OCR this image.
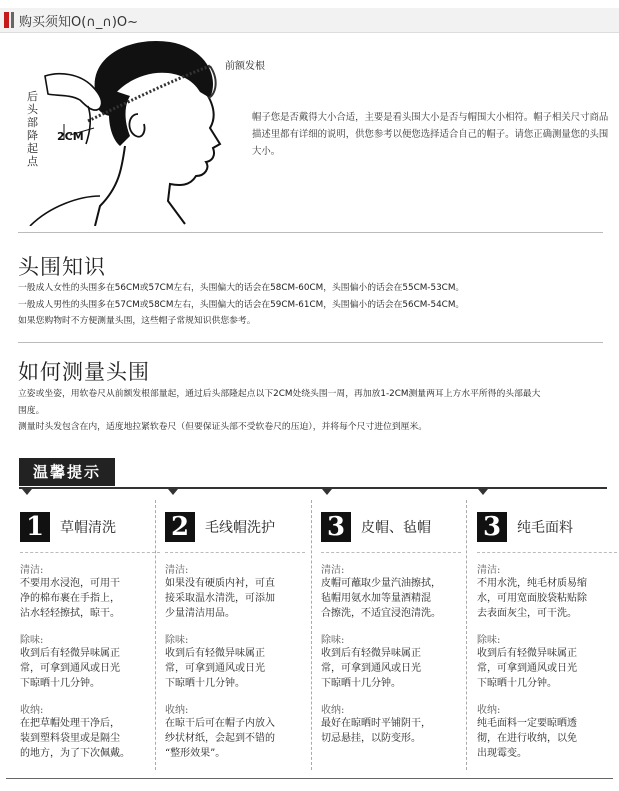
购买须知O(∩_∩)O~
后头部降起点
2CM
前额发根
帽子您是否戴得大小合适，主要是看头围大小是否与帽围大小相符。帽子相关尺寸商品描述里都有详细的说明，供您参考以便您选择适合自己的帽子。请您正确测量您的头围大小。
头围知识
一般成人女性的头围多在56CM或57CM左右，头围偏大的话会在58CM-60CM，头围偏小的话会在55CM-53CM。
一般成人男性的头围多在57CM或58CM左右，头围偏大的话会在59CM-61CM，头围偏小的话会在56CM-54CM。
如果您购物时不方便测量头围，这些帽子常规知识供您参考。
如何测量头围
立姿或坐姿，用软卷尺从前额发根部量起，通过后头部隆起点以下2CM处绕头围一周，再加放1-2CM测量两耳上方水平所得的头部最大
围度。
测量时头发包含在内，适度地拉紧软卷尺（但要保证头部不受软卷尺的压迫），并将每个尺寸进位到厘米。
温馨提示
1	草帽清洗
清洁:
不要用水浸泡，可用干
净的棉布裹在手指上，
沾水轻轻擦拭，晾干。
除味:
收到后有轻微异味属正
常，可拿到通风或日光
下晾晒十几分钟。
收纳:
在把草帽处理干净后，
装到塑料袋里或是隔尘
的地方，为了下次佩戴。
2	毛线帽洗护
清洁:
如果没有硬质内衬，可直
接采取温水清洗，可添加
少量清洁用品。
除味:
收到后有轻微异味属正
常，可拿到通风或日光
下晾晒十几分钟。
收纳:
在晾干后可在帽子内放入
纱状材纸，会起到不错的
“整形效果”。
3	皮帽、毡帽
清洁:
皮帽可蘸取少量汽油擦拭，
毡帽用氨水加等量酒精混
合擦洗，不适宜浸泡清洗。
除味:
收到后有轻微异味属正
常，可拿到通风或日光
下晾晒十几分钟。
收纳:
最好在晾晒时平铺阴干，
切忌悬挂，以防变形。
3	纯毛面料
清洁:
不用水洗，纯毛材质易缩
水，可用宽面胶袋粘贴除
去表面灰尘，可干洗。
除味:
收到后有轻微异味属正
常，可拿到通风或日光
下晾晒十几分钟。
收纳:
纯毛面料一定要晾晒透
彻，在进行收纳，以免
出现霉变。
